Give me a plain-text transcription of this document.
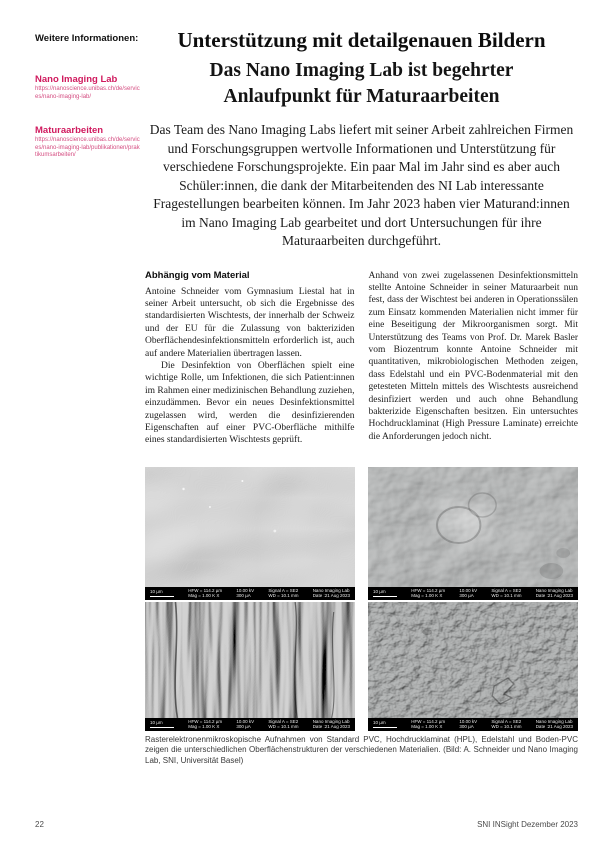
Weitere Informationen:
Nano Imaging Lab
https://nanoscience.unibas.ch/de/services/nano-imaging-lab/
Maturaarbeiten
https://nanoscience.unibas.ch/de/services/nano-imaging-lab/publikationen/praktikumsarbeiten/
Unterstützung mit detailgenauen Bildern
Das Nano Imaging Lab ist begehrter Anlaufpunkt für Maturaarbeiten

Das Team des Nano Imaging Labs liefert mit seiner Arbeit zahlreichen Firmen und Forschungsgruppen wertvolle Informationen und Unterstützung für verschiedene Forschungsprojekte. Ein paar Mal im Jahr sind es aber auch Schüler:innen, die dank der Mitarbeitenden des NI Lab interessante Fragestellungen bearbeiten können. Im Jahr 2023 haben vier Maturand:innen im Nano Imaging Lab gearbeitet und dort Untersuchungen für ihre Maturaarbeiten durchgeführt.

Abhängig vom Material

Antoine Schneider vom Gymnasium Liestal hat in seiner Arbeit untersucht, ob sich die Ergebnisse des standardisierten Wischtests, der innerhalb der Schweiz und der EU für die Zulassung von bakteriziden Oberflächendesinfektionsmitteln erforderlich ist, auch auf andere Materialien übertragen lassen.

Die Desinfektion von Oberflächen spielt eine wichtige Rolle, um Infektionen, die sich Patient:innen im Rahmen einer medizinischen Behandlung zuziehen, einzudämmen. Bevor ein neues Desinfektionsmittel zugelassen wird, werden die desinfizierenden Eigenschaften auf einer PVC-Oberfläche mithilfe eines standardisierten Wischtests geprüft.

Anhand von zwei zugelassenen Desinfektionsmitteln stellte Antoine Schneider in seiner Maturaarbeit nun fest, dass der Wischtest bei anderen in Operationssälen zum Einsatz kommenden Materialien nicht immer für eine Beseitigung der Mikroorganismen sorgt. Mit Unterstützung des Teams von Prof. Dr. Marek Basler vom Biozentrum konnte Antoine Schneider mit quantitativen, mikrobiologischen Methoden zeigen, dass Edelstahl und ein PVC-Bodenmaterial mit den getesteten Mitteln mittels des Wischtests ausreichend desinfiziert werden und auch ohne Behandlung bakterizide Eigenschaften besitzen. Ein untersuchtes Hochdrucklaminat (High Pressure Laminate) erreichte die Anforderungen jedoch nicht.

10 µm	HFW = 114.2 µm
Mag = 1.00 K X
10.00 kV
300 µA
Signal A = SE2
WD = 10.1 mm
Nano Imaging Lab
Date :21 Aug 2023
10 µm	HFW = 114.2 µm
Mag = 1.00 K X
10.00 kV
300 µA
Signal A = SE2
WD = 10.1 mm
Nano Imaging Lab
Date :21 Aug 2023
10 µm	HFW = 114.2 µm
Mag = 1.00 K X
10.00 kV
300 µA
Signal A = SE2
WD = 10.1 mm
Nano Imaging Lab
Date :21 Aug 2023
10 µm	HFW = 114.2 µm
Mag = 1.00 K X
10.00 kV
300 µA
Signal A = SE2
WD = 10.1 mm
Nano Imaging Lab
Date :21 Aug 2023

Rasterelektronenmikroskopische Aufnahmen von Standard PVC, Hochdrucklaminat (HPL), Edelstahl und Boden-PVC zeigen die unterschiedlichen Oberflächenstrukturen der verschiedenen Materialien. (Bild: A. Schneider und Nano Imaging Lab, SNI, Universität Basel)

22	SNI INSight Dezember 2023
